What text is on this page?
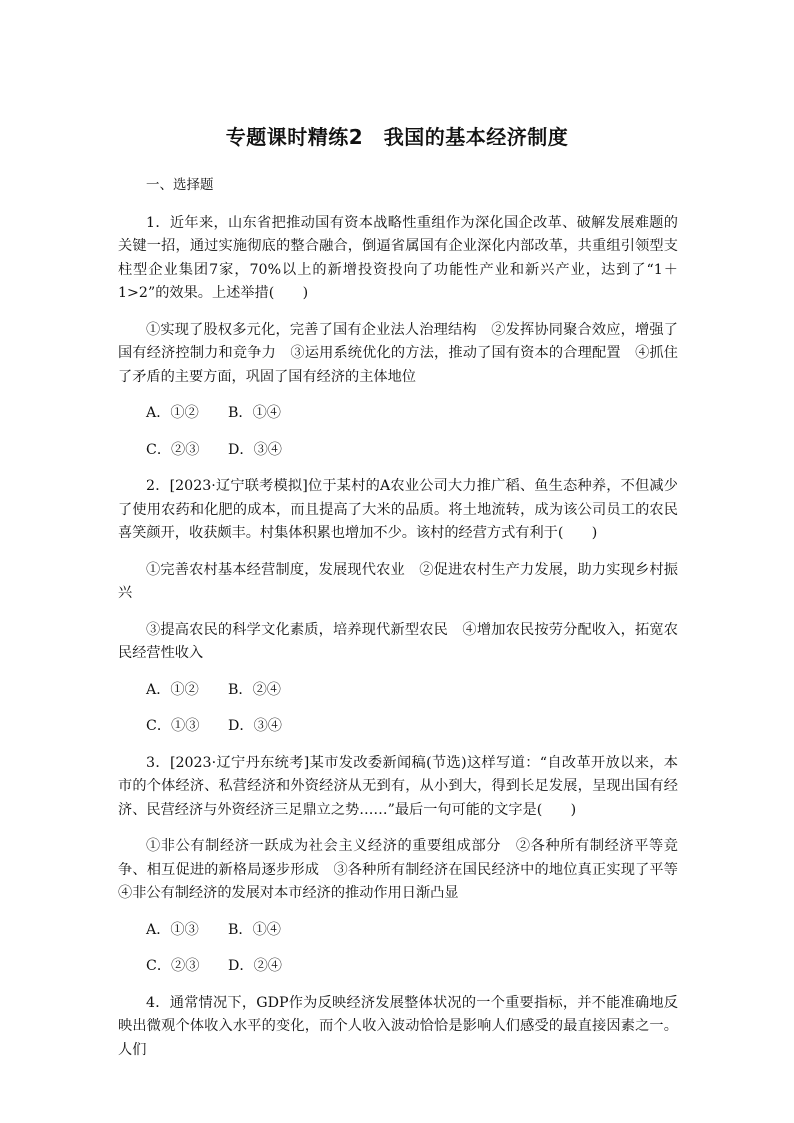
专题课时精练2　我国的基本经济制度
一、选择题

1．近年来，山东省把推动国有资本战略性重组作为深化国企改革、破解发展难题的关键一招，通过实施彻底的整合融合，倒逼省属国有企业深化内部改革，共重组引领型支柱型企业集团7家，70%以上的新增投资投向了功能性产业和新兴产业，达到了“1＋1>2”的效果。上述举措(　　)

①实现了股权多元化，完善了国有企业法人治理结构　②发挥协同聚合效应，增强了国有经济控制力和竞争力　③运用系统优化的方法，推动了国有资本的合理配置　④抓住了矛盾的主要方面，巩固了国有经济的主体地位

A．①② B．①④
C．②③ D．③④

2．[2023·辽宁联考模拟]位于某村的A农业公司大力推广稻、鱼生态种养，不但减少了使用农药和化肥的成本，而且提高了大米的品质。将土地流转，成为该公司员工的农民喜笑颜开，收获颇丰。村集体积累也增加不少。该村的经营方式有利于(　　)

①完善农村基本经营制度，发展现代农业　②促进农村生产力发展，助力实现乡村振兴

③提高农民的科学文化素质，培养现代新型农民　④增加农民按劳分配收入，拓宽农民经营性收入

A．①② B．②④
C．①③ D．③④

3．[2023·辽宁丹东统考]某市发改委新闻稿(节选)这样写道：“自改革开放以来，本市的个体经济、私营经济和外资经济从无到有，从小到大，得到长足发展，呈现出国有经济、民营经济与外资经济三足鼎立之势……”最后一句可能的文字是(　　)

①非公有制经济一跃成为社会主义经济的重要组成部分　②各种所有制经济平等竞争、相互促进的新格局逐步形成　③各种所有制经济在国民经济中的地位真正实现了平等　④非公有制经济的发展对本市经济的推动作用日渐凸显

A．①③ B．①④
C．②③ D．②④

4．通常情况下，GDP作为反映经济发展整体状况的一个重要指标，并不能准确地反映出微观个体收入水平的变化，而个人收入波动恰恰是影响人们感受的最直接因素之一。人们
